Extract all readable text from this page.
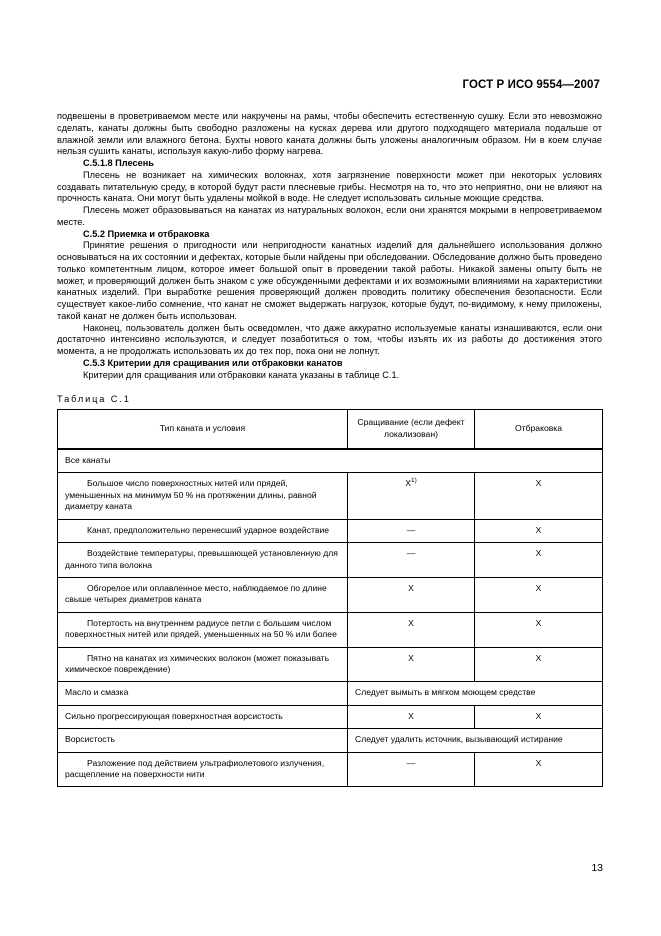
ГОСТ Р ИСО 9554—2007

подвешены в проветриваемом месте или накручены на рамы, чтобы обеспечить естественную сушку. Если это невозможно сделать, канаты должны быть свободно разложены на кусках дерева или другого подходящего материала подальше от влажной земли или влажного бетона. Бухты нового каната должны быть уложены аналогичным образом. Ни в коем случае нельзя сушить канаты, используя какую-либо форму нагрева.

С.5.1.8 Плесень

Плесень не возникает на химических волокнах, хотя загрязнение поверхности может при некоторых условиях создавать питательную среду, в которой будут расти плесневые грибы. Несмотря на то, что это неприятно, они не влияют на прочность каната. Они могут быть удалены мойкой в воде. Не следует использовать сильные моющие средства.

Плесень может образовываться на канатах из натуральных волокон, если они хранятся мокрыми в непроветриваемом месте.

С.5.2 Приемка и отбраковка

Принятие решения о пригодности или непригодности канатных изделий для дальнейшего использования должно основываться на их состоянии и дефектах, которые были найдены при обследовании. Обследование должно быть проведено только компетентным лицом, которое имеет большой опыт в проведении такой работы. Никакой замены опыту быть не может, и проверяющий должен быть знаком с уже обсужденными дефектами и их возможными влияниями на характеристики канатных изделий. При выработке решения проверяющий должен проводить политику обеспечения безопасности. Если существует какое-либо сомнение, что канат не сможет выдержать нагрузок, которые будут, по-видимому, к нему приложены, такой канат не должен быть использован.

Наконец, пользователь должен быть осведомлен, что даже аккуратно используемые канаты изнашиваются, если они достаточно интенсивно используются, и следует позаботиться о том, чтобы изъять их из работы до достижения этого момента, а не продолжать использовать их до тех пор, пока они не лопнут.

С.5.3 Критерии для сращивания или отбраковки канатов

Критерии для сращивания или отбраковки каната указаны в таблице С.1.

Таблица С.1

Тип каната и условия	Сращивание (если дефект локализован)	Отбраковка
Все канаты		
Большое число поверхностных нитей или прядей, уменьшенных на минимум 50 % на протяжении длины, равной диаметру каната	$X^{1)}$	X
Канат, предположительно перенесший ударное воздействие	—	X
Воздействие температуры, превышающей установленную для данного типа волокна	—	X
Обгорелое или оплавленное место, наблюдаемое по длине свыше четырех диаметров каната	X	X
Потертость на внутреннем радиусе петли с большим числом поверхностных нитей или прядей, уменьшенных на 50 % или более	X	X
Пятно на канатах из химических волокон (может показывать химическое повреждение)	X	X
Масло и смазка	Следует вымыть в мягком моющем средстве	
Сильно прогрессирующая поверхностная ворсистость	X	X
Ворсистость	Следует удалить источник, вызывающий истирание	
Разложение под действием ультрафиолетового излучения, расщепление на поверхности нити	—	X
13
